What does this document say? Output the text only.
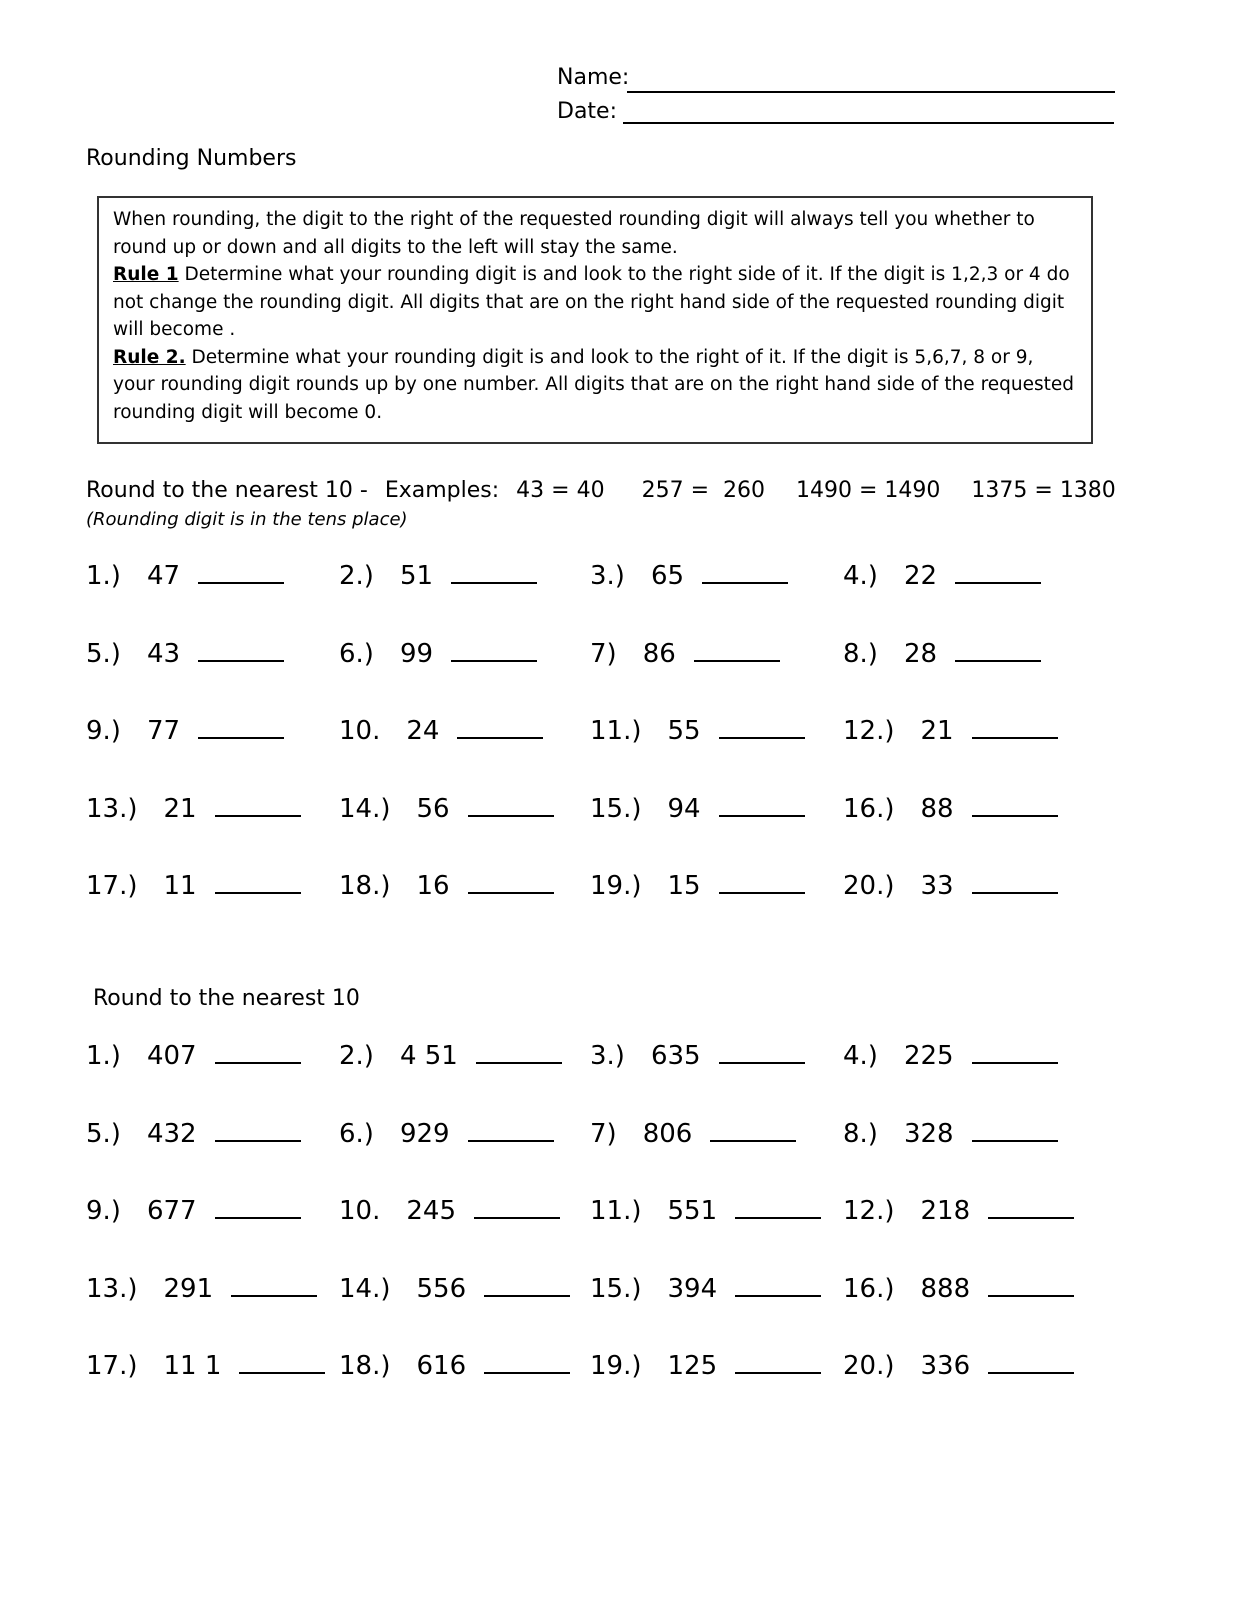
Name:
Date:
Rounding Numbers

When rounding, the digit to the right of the requested rounding digit will always tell you whether to round up or down and all digits to the left will stay the same.

Rule 1 Determine what your rounding digit is and look to the right side of it. If the digit is 1,2,3 or 4 do not change the rounding digit. All digits that are on the right hand side of the requested rounding digit will become .

Rule 2. Determine what your rounding digit is and look to the right of it. If the digit is 5,6,7, 8 or 9, your rounding digit rounds up by one number. All digits that are on the right hand side of the requested rounding digit will become 0.

Round to the nearest 10 - Examples: 43 = 40 257 =  260 1490 = 1490 1375 = 1380
(Rounding digit is in the tens place)
1.) 47	2.) 51	3.) 65	4.) 22
5.) 43	6.) 99	7) 86	8.) 28
9.) 77	10. 24	11.) 55	12.) 21
13.) 21	14.) 56	15.) 94	16.) 88
17.) 11	18.) 16	19.) 15	20.) 33
Round to the nearest 10
1.) 407	2.) 4 51	3.) 635	4.) 225
5.) 432	6.) 929	7) 806	8.) 328
9.) 677	10. 245	11.) 551	12.) 218
13.) 291	14.) 556	15.) 394	16.) 888
17.) 11 1	18.) 616	19.) 125	20.) 336
